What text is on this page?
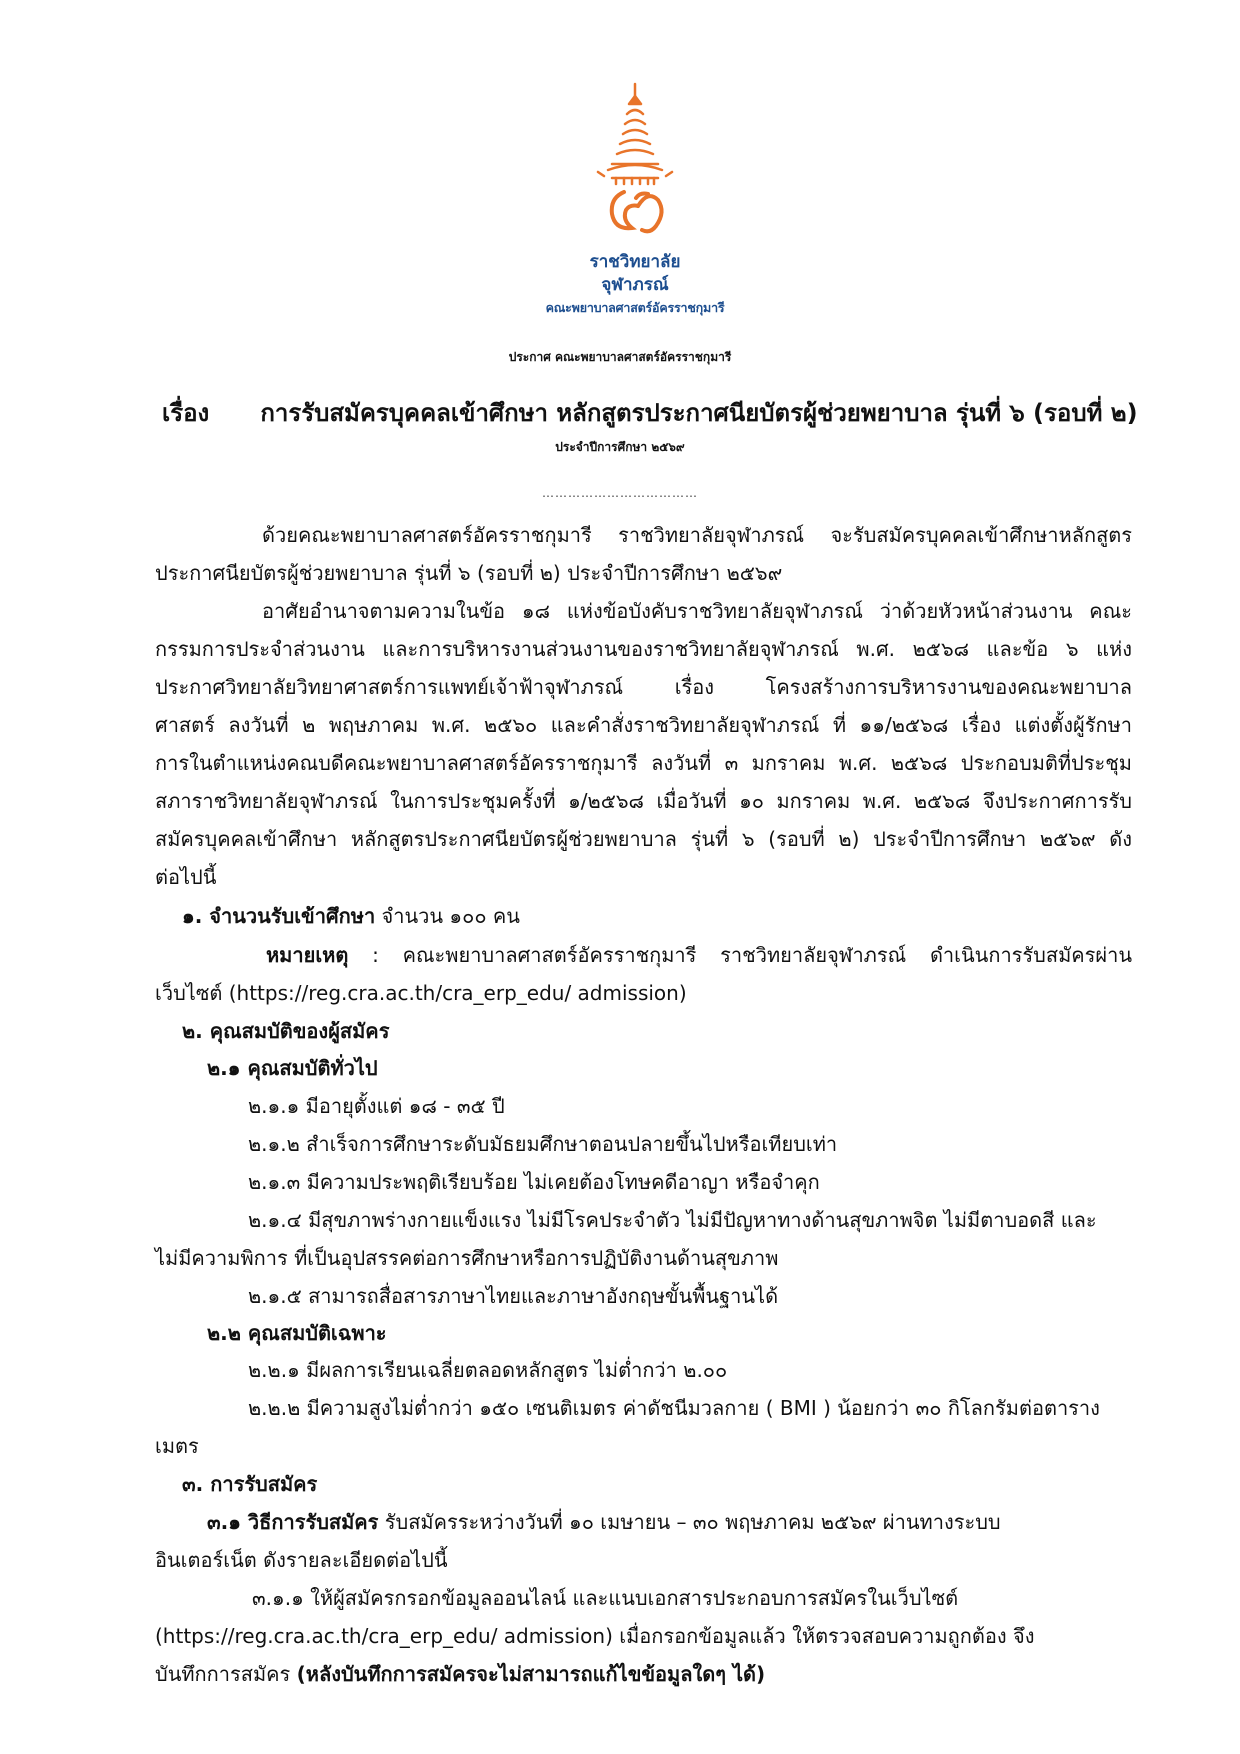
ราชวิทยาลัย
จุฬาภรณ์
คณะพยาบาลศาสตร์อัครราชกุมารี
ประกาศ คณะพยาบาลศาสตร์อัครราชกุมารี
เรื่อง การรับสมัครบุคคลเข้าศึกษา หลักสูตรประกาศนียบัตรผู้ช่วยพยาบาล รุ่นที่ ๖ (รอบที่ ๒)
ประจำปีการศึกษา ๒๕๖๙
………………………………
ด้วยคณะพยาบาลศาสตร์อัครราชกุมารี ราชวิทยาลัยจุฬาภรณ์ จะรับสมัครบุคคลเข้าศึกษาหลักสูตร
ประกาศนียบัตรผู้ช่วยพยาบาล รุ่นที่ ๖ (รอบที่ ๒) ประจำปีการศึกษา ๒๕๖๙
อาศัยอำนาจตามความในข้อ ๑๘ แห่งข้อบังคับราชวิทยาลัยจุฬาภรณ์ ว่าด้วยหัวหน้าส่วนงาน คณะ
กรรมการประจำส่วนงาน และการบริหารงานส่วนงานของราชวิทยาลัยจุฬาภรณ์ พ.ศ. ๒๕๖๘ และข้อ ๖ แห่ง
ประกาศวิทยาลัยวิทยาศาสตร์การแพทย์เจ้าฟ้าจุฬาภรณ์ เรื่อง โครงสร้างการบริหารงานของคณะพยาบาล
ศาสตร์ ลงวันที่ ๒ พฤษภาคม พ.ศ. ๒๕๖๐ และคำสั่งราชวิทยาลัยจุฬาภรณ์ ที่ ๑๑/๒๕๖๘ เรื่อง แต่งตั้งผู้รักษา
การในตำแหน่งคณบดีคณะพยาบาลศาสตร์อัครราชกุมารี ลงวันที่ ๓ มกราคม พ.ศ. ๒๕๖๘ ประกอบมติที่ประชุม
สภาราชวิทยาลัยจุฬาภรณ์ ในการประชุมครั้งที่ ๑/๒๕๖๘ เมื่อวันที่ ๑๐ มกราคม พ.ศ. ๒๕๖๘ จึงประกาศการรับ
สมัครบุคคลเข้าศึกษา หลักสูตรประกาศนียบัตรผู้ช่วยพยาบาล รุ่นที่ ๖ (รอบที่ ๒) ประจำปีการศึกษา ๒๕๖๙ ดัง
ต่อไปนี้
๑. จำนวนรับเข้าศึกษา จำนวน ๑๐๐ คน
หมายเหตุ : คณะพยาบาลศาสตร์อัครราชกุมารี ราชวิทยาลัยจุฬาภรณ์ ดำเนินการรับสมัครผ่าน
เว็บไซต์ (https://reg.cra.ac.th/cra_erp_edu/ admission)
๒. คุณสมบัติของผู้สมัคร
๒.๑ คุณสมบัติทั่วไป
๒.๑.๑ มีอายุตั้งแต่ ๑๘ - ๓๕ ปี
๒.๑.๒ สำเร็จการศึกษาระดับมัธยมศึกษาตอนปลายขึ้นไปหรือเทียบเท่า
๒.๑.๓ มีความประพฤติเรียบร้อย ไม่เคยต้องโทษคดีอาญา หรือจำคุก
๒.๑.๔ มีสุขภาพร่างกายแข็งแรง ไม่มีโรคประจำตัว ไม่มีปัญหาทางด้านสุขภาพจิต ไม่มีตาบอดสี และ
ไม่มีความพิการ ที่เป็นอุปสรรคต่อการศึกษาหรือการปฏิบัติงานด้านสุขภาพ
๒.๑.๕ สามารถสื่อสารภาษาไทยและภาษาอังกฤษขั้นพื้นฐานได้
๒.๒ คุณสมบัติเฉพาะ
๒.๒.๑ มีผลการเรียนเฉลี่ยตลอดหลักสูตร ไม่ต่ำกว่า ๒.๐๐
๒.๒.๒ มีความสูงไม่ต่ำกว่า ๑๕๐ เซนติเมตร ค่าดัชนีมวลกาย ( BMI ) น้อยกว่า ๓๐ กิโลกรัมต่อตาราง
เมตร
๓. การรับสมัคร
๓.๑ วิธีการรับสมัคร รับสมัครระหว่างวันที่ ๑๐ เมษายน – ๓๐ พฤษภาคม ๒๕๖๙ ผ่านทางระบบ
อินเตอร์เน็ต ดังรายละเอียดต่อไปนี้
๓.๑.๑ ให้ผู้สมัครกรอกข้อมูลออนไลน์ และแนบเอกสารประกอบการสมัครในเว็บไซต์
(https://reg.cra.ac.th/cra_erp_edu/ admission) เมื่อกรอกข้อมูลแล้ว ให้ตรวจสอบความถูกต้อง จึง
บันทึกการสมัคร (หลังบันทึกการสมัครจะไม่สามารถแก้ไขข้อมูลใดๆ ได้)
